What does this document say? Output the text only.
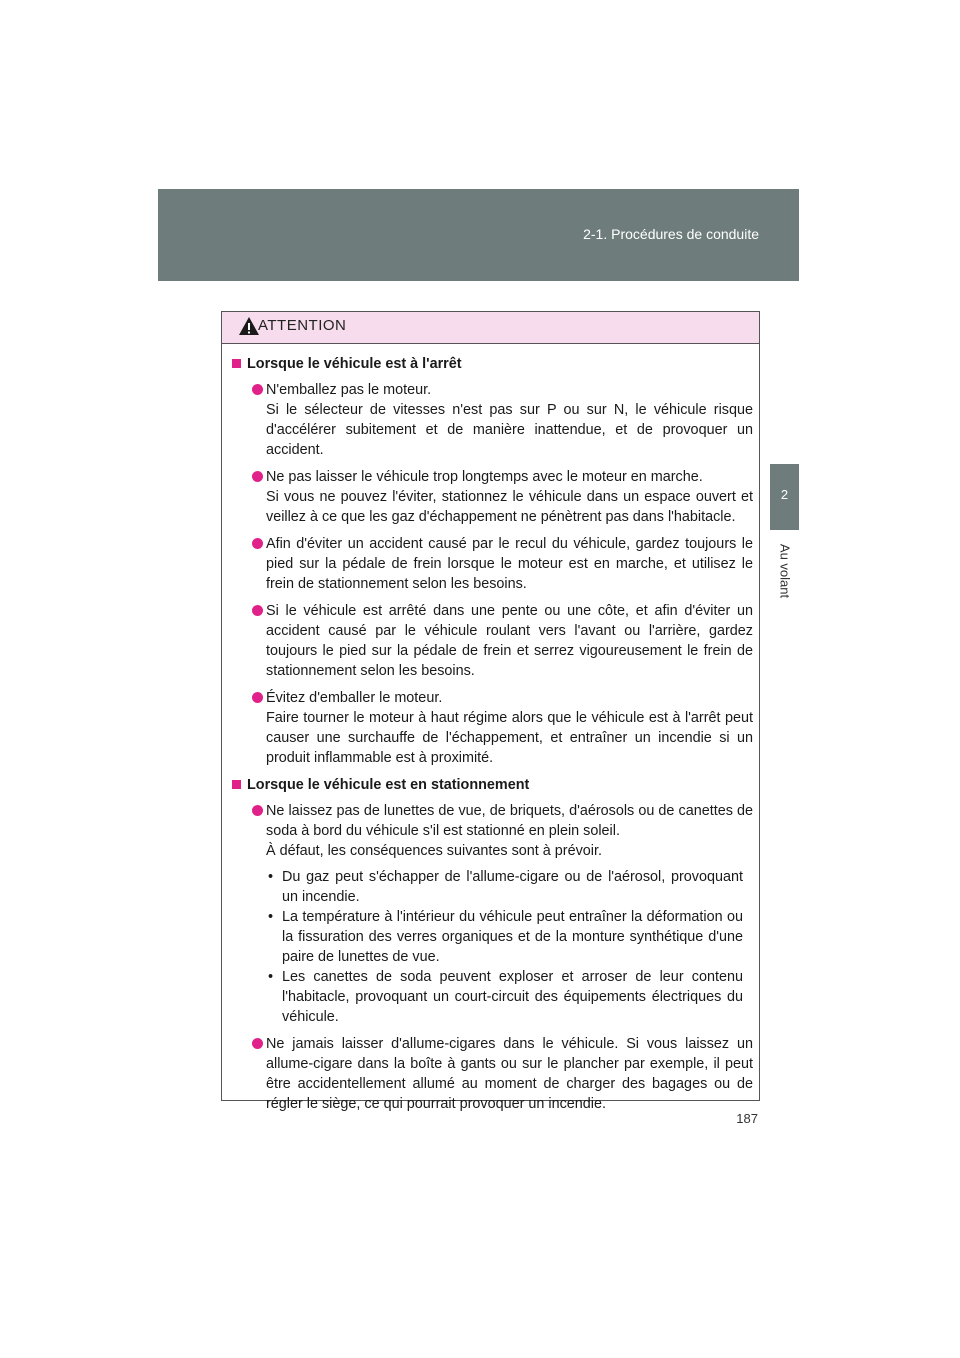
2-1. Procédures de conduite
2
Au volant
ATTENTION
Lorsque le véhicule est à l'arrêt

N'emballez pas le moteur.

Si le sélecteur de vitesses n'est pas sur P ou sur N, le véhicule risque d'accélérer subitement et de manière inattendue, et de provoquer un accident.

Ne pas laisser le véhicule trop longtemps avec le moteur en marche.

Si vous ne pouvez l'éviter, stationnez le véhicule dans un espace ouvert et veillez à ce que les gaz d'échappement ne pénètrent pas dans l'habitacle.

Afin d'éviter un accident causé par le recul du véhicule, gardez toujours le pied sur la pédale de frein lorsque le moteur est en marche, et utilisez le frein de stationnement selon les besoins.

Si le véhicule est arrêté dans une pente ou une côte, et afin d'éviter un accident causé par le véhicule roulant vers l'avant ou l'arrière, gardez toujours le pied sur la pédale de frein et serrez vigoureusement le frein de stationnement selon les besoins.

Évitez d'emballer le moteur.

Faire tourner le moteur à haut régime alors que le véhicule est à l'arrêt peut causer une surchauffe de l'échappement, et entraîner un incendie si un produit inflammable est à proximité.

Lorsque le véhicule est en stationnement

Ne laissez pas de lunettes de vue, de briquets, d'aérosols ou de canettes de soda à bord du véhicule s'il est stationné en plein soleil.

À défaut, les conséquences suivantes sont à prévoir.

• Du gaz peut s'échapper de l'allume-cigare ou de l'aérosol, provoquant un incendie.
• La température à l'intérieur du véhicule peut entraîner la déformation ou la fissuration des verres organiques et de la monture synthétique d'une paire de lunettes de vue.
• Les canettes de soda peuvent exploser et arroser de leur contenu l'habitacle, provoquant un court-circuit des équipements électriques du véhicule.

Ne jamais laisser d'allume-cigares dans le véhicule. Si vous laissez un allume-cigare dans la boîte à gants ou sur le plancher par exemple, il peut être accidentellement allumé au moment de charger des bagages ou de régler le siège, ce qui pourrait provoquer un incendie.

187
